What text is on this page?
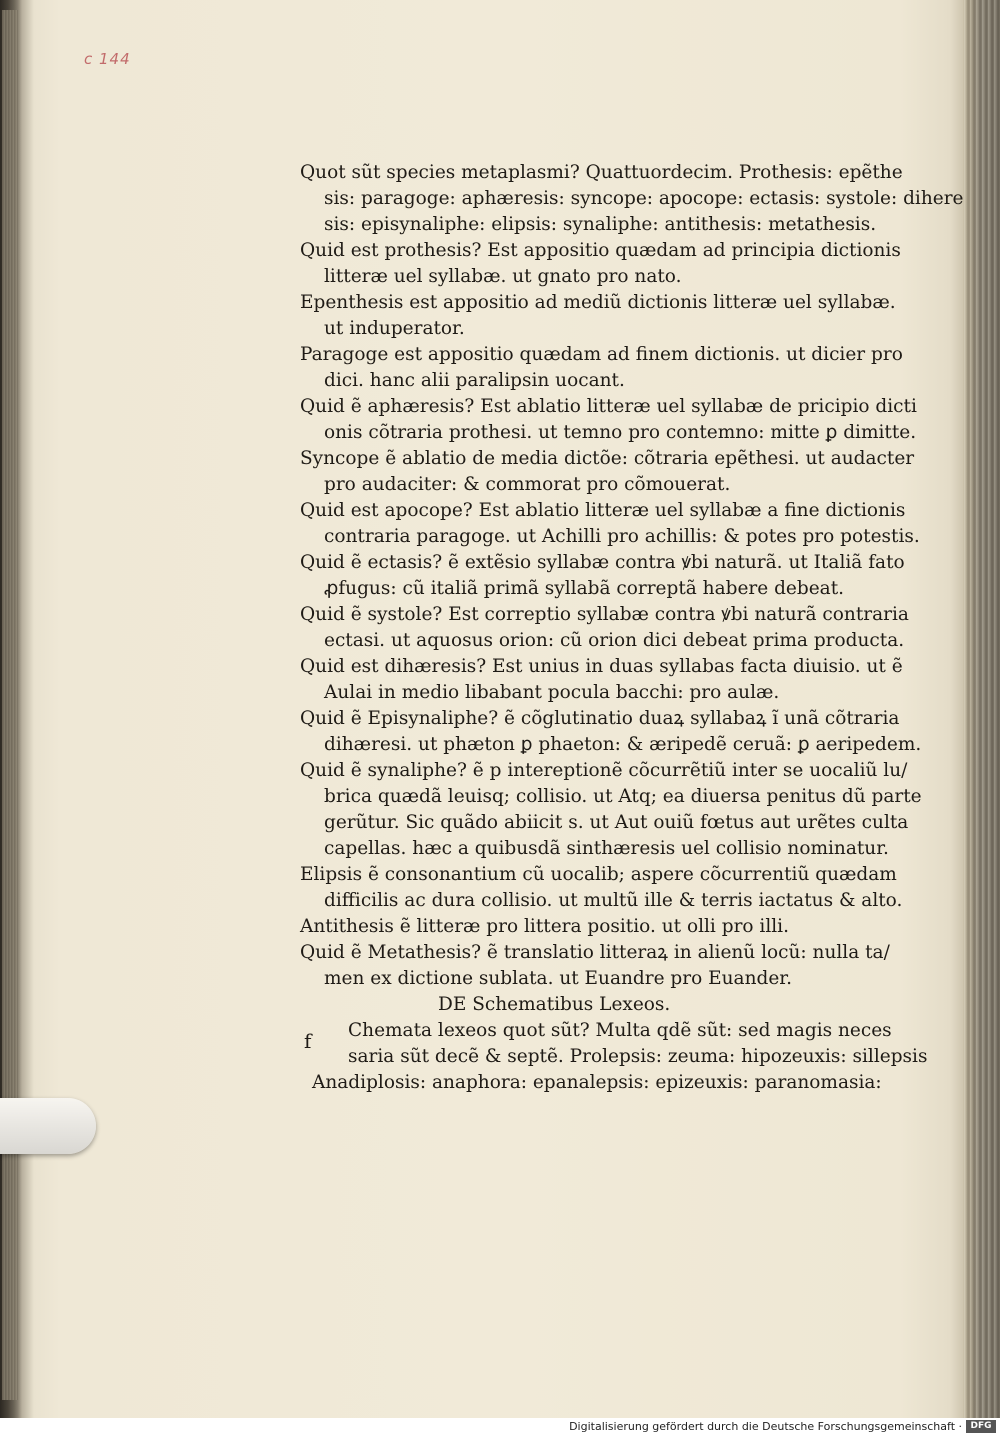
c 144
Quot sũt species metaplasmi? Quattuordecim. Prothesis: epẽthe
sis: paragoge: aphæresis: syncope: apocope: ectasis: systole: dihere
sis: episynaliphe: elipsis: synaliphe: antithesis: metathesis.
Quid est prothesis? Est appositio quædam ad principia dictionis
litteræ uel syllabæ. ut gnato pro nato.
Epenthesis est appositio ad mediũ dictionis litteræ uel syllabæ.
ut induperator.
Paragoge est appositio quædam ad finem dictionis. ut dicier pro
dici. hanc alii paralipsin uocant.
Quid ẽ aphæresis? Est ablatio litteræ uel syllabæ de pricipio dicti
onis cõtraria prothesi. ut temno pro contemno: mitte ꝑ dimitte.
Syncope ẽ ablatio de media dictõe: cõtraria epẽthesi. ut audacter
pro audaciter: & commorat pro cõmouerat.
Quid est apocope? Est ablatio litteræ uel syllabæ a fine dictionis
contraria paragoge. ut Achilli pro achillis: & potes pro potestis.
Quid ẽ ectasis? ẽ extẽsio syllabæ contra ꝟbi naturã. ut Italiã fato
ꝓfugus: cũ italiã primã syllabã correptã habere debeat.
Quid ẽ systole? Est correptio syllabæ contra ꝟbi naturã contraria
ectasi. ut aquosus orion: cũ orion dici debeat prima producta.
Quid est dihæresis? Est unius in duas syllabas facta diuisio. ut ẽ
Aulai in medio libabant pocula bacchi: pro aulæ.
Quid ẽ Episynaliphe? ẽ cõglutinatio duaꝝ syllabaꝝ ĩ unã cõtraria
dihæresi. ut phæton ꝑ phaeton: & æripedẽ ceruã: ꝑ aeripedem.
Quid ẽ synaliphe? ẽ p intereptionẽ cõcurrẽtiũ inter se uocaliũ lu/
brica quædã leuisq; collisio. ut Atq; ea diuersa penitus dũ parte
gerũtur. Sic quãdo abiicit s. ut Aut ouiũ fœtus aut urẽtes culta
capellas. hæc a quibusdã sinthæresis uel collisio nominatur.
Elipsis ẽ consonantium cũ uocalib; aspere cõcurrentiũ quædam
difficilis ac dura collisio. ut multũ ille & terris iactatus & alto.
Antithesis ẽ litteræ pro littera positio. ut olli pro illi.
Quid ẽ Metathesis? ẽ translatio litteraꝝ in alienũ locũ: nulla ta/
men ex dictione sublata. ut Euandre pro Euander.
DE Schematibus Lexeos.
Chemata lexeos quot sũt? Multa qdẽ sũt: sed magis neces
saria sũt decẽ & septẽ. Prolepsis: zeuma: hipozeuxis: sillepsis
Anadiplosis: anaphora: epanalepsis: epizeuxis: paranomasia:
f
Digitalisierung gefördert durch die Deutsche Forschungsgemeinschaft · DFG
